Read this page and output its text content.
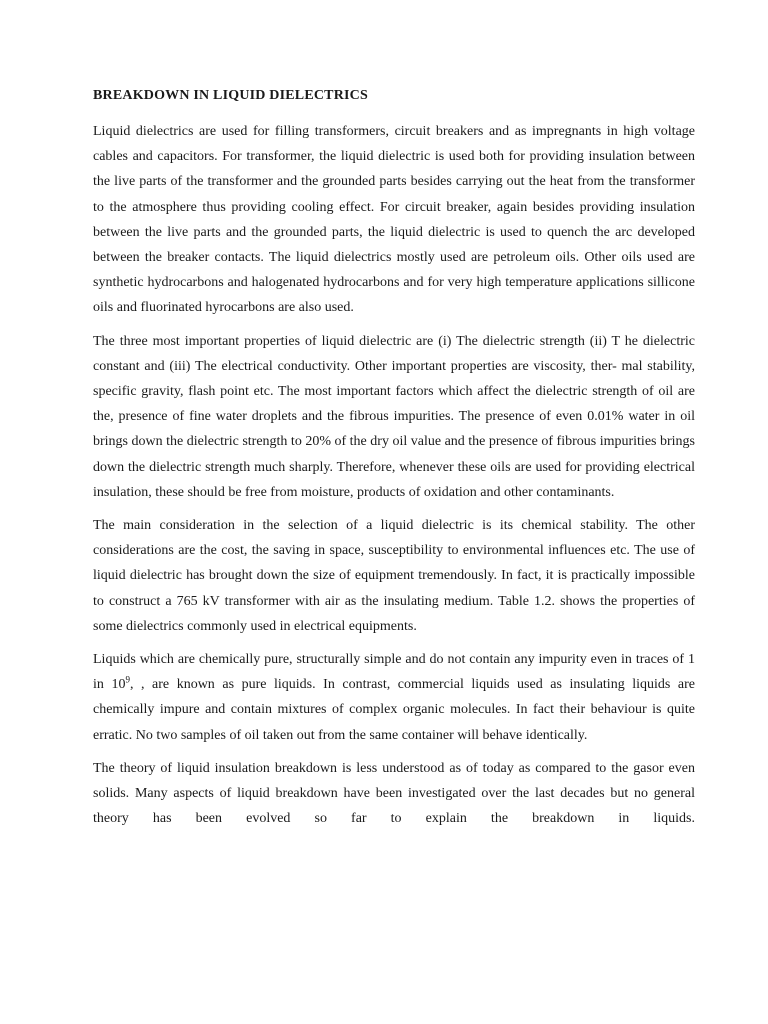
BREAKDOWN IN LIQUID DIELECTRICS

Liquid dielectrics are used for filling transformers, circuit breakers and as impregnants in high voltage cables and capacitors. For transformer, the liquid dielectric is used both for providing insulation between the live parts of the transformer and the grounded parts besides carrying out the heat from the transformer to the atmosphere thus providing cooling effect. For circuit breaker, again besides providing insulation between the live parts and the grounded parts, the liquid dielectric is used to quench the arc developed between the breaker contacts. The liquid dielectrics mostly used are petroleum oils. Other oils used are synthetic hydrocarbons and halogenated hydrocarbons and for very high temperature applications sillicone oils and fluorinated hyrocarbons are also used.

The three most important properties of liquid dielectric are (i) The dielectric strength (ii) T he dielectric constant and (iii) The electrical conductivity. Other important properties are viscosity, ther- mal stability, specific gravity, flash point etc. The most important factors which affect the dielectric strength of oil are the, presence of fine water droplets and the fibrous impurities. The presence of even 0.01% water in oil brings down the dielectric strength to 20% of the dry oil value and the presence of fibrous impurities brings down the dielectric strength much sharply. Therefore, whenever these oils are used for providing electrical insulation, these should be free from moisture, products of oxidation and other contaminants.

The main consideration in the selection of a liquid dielectric is its chemical stability. The other considerations are the cost, the saving in space, susceptibility to environmental influences etc. The use of liquid dielectric has brought down the size of equipment tremendously. In fact, it is practically impossible to construct a 765 kV transformer with air as the insulating medium. Table 1.2. shows the properties of some dielectrics commonly used in electrical equipments.

Liquids which are chemically pure, structurally simple and do not contain any impurity even in traces of 1 in $10^9$, , are known as pure liquids. In contrast, commercial liquids used as insulating liquids are chemically impure and contain mixtures of complex organic molecules. In fact their behaviour is quite erratic. No two samples of oil taken out from the same container will behave identically.

The theory of liquid insulation breakdown is less understood as of today as compared to the gasor even solids. Many aspects of liquid breakdown have been investigated over the last decades but no general theory has been evolved so far to explain the breakdown in liquids.
